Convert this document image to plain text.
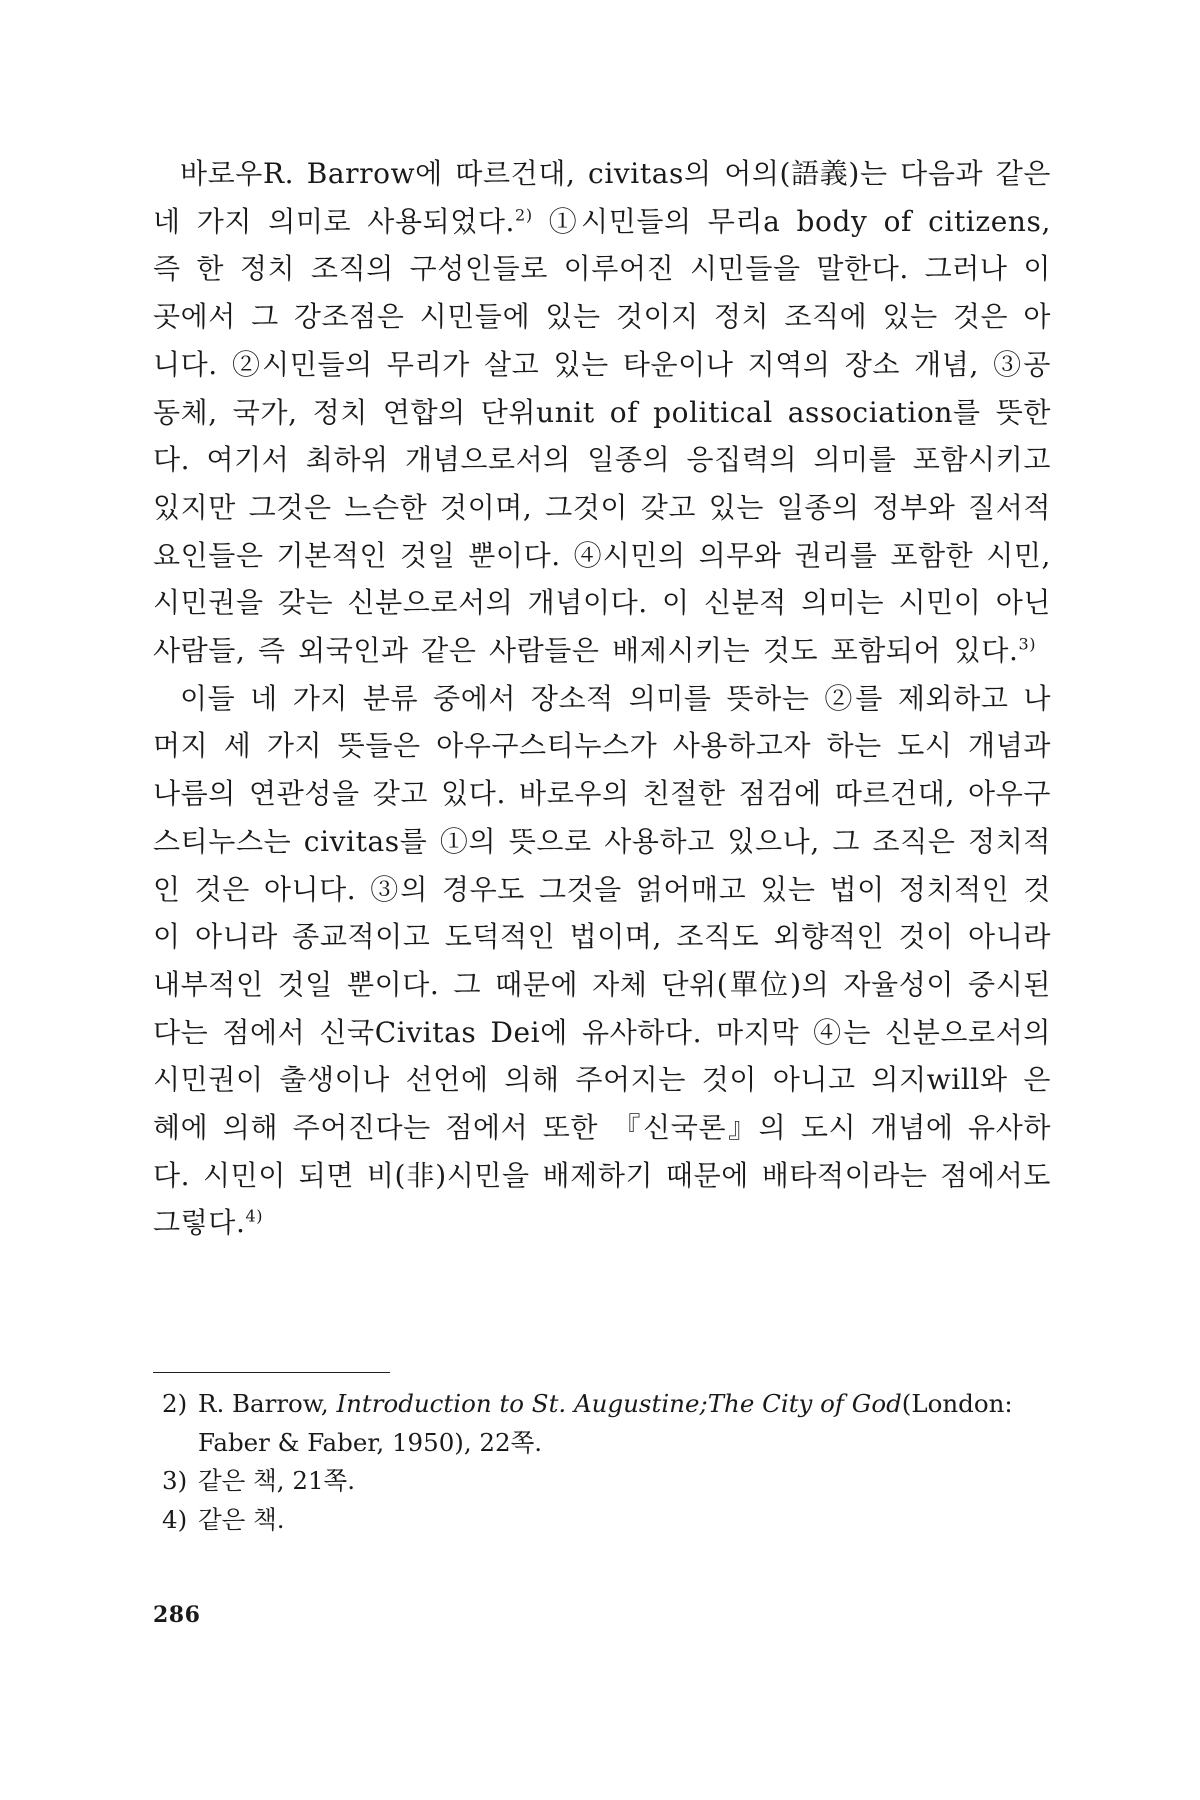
바로우R. Barrow에 따르건대, civitas의 어의(語義)는 다음과 같은 네 가지 의미로 사용되었다.$^{2)}$ ①시민들의 무리a body of citizens, 즉 한 정치 조직의 구성인들로 이루어진 시민들을 말한다. 그러나 이 곳에서 그 강조점은 시민들에 있는 것이지 정치 조직에 있는 것은 아니다. ②시민들의 무리가 살고 있는 타운이나 지역의 장소 개념, ③공동체, 국가, 정치 연합의 단위unit of political association를 뜻한다. 여기서 최하위 개념으로서의 일종의 응집력의 의미를 포함시키고 있지만 그것은 느슨한 것이며, 그것이 갖고 있는 일종의 정부와 질서적 요인들은 기본적인 것일 뿐이다. ④시민의 의무와 권리를 포함한 시민, 시민권을 갖는 신분으로서의 개념이다. 이 신분적 의미는 시민이 아닌 사람들, 즉 외국인과 같은 사람들은 배제시키는 것도 포함되어 있다.$^{3)}$

이들 네 가지 분류 중에서 장소적 의미를 뜻하는 ②를 제외하고 나머지 세 가지 뜻들은 아우구스티누스가 사용하고자 하는 도시 개념과 나름의 연관성을 갖고 있다. 바로우의 친절한 점검에 따르건대, 아우구스티누스는 civitas를 ①의 뜻으로 사용하고 있으나, 그 조직은 정치적인 것은 아니다. ③의 경우도 그것을 얽어매고 있는 법이 정치적인 것이 아니라 종교적이고 도덕적인 법이며, 조직도 외향적인 것이 아니라 내부적인 것일 뿐이다. 그 때문에 자체 단위(單位)의 자율성이 중시된다는 점에서 신국Civitas Dei에 유사하다. 마지막 ④는 신분으로서의 시민권이 출생이나 선언에 의해 주어지는 것이 아니고 의지will와 은혜에 의해 주어진다는 점에서 또한 『신국론』의 도시 개념에 유사하다. 시민이 되면 비(非)시민을 배제하기 때문에 배타적이라는 점에서도 그렇다.$^{4)}$

2) R. Barrow, Introduction to St. Augustine;The City of God(London: Faber & Faber, 1950), 22쪽.

3) 같은 책, 21쪽.

4) 같은 책.

286
